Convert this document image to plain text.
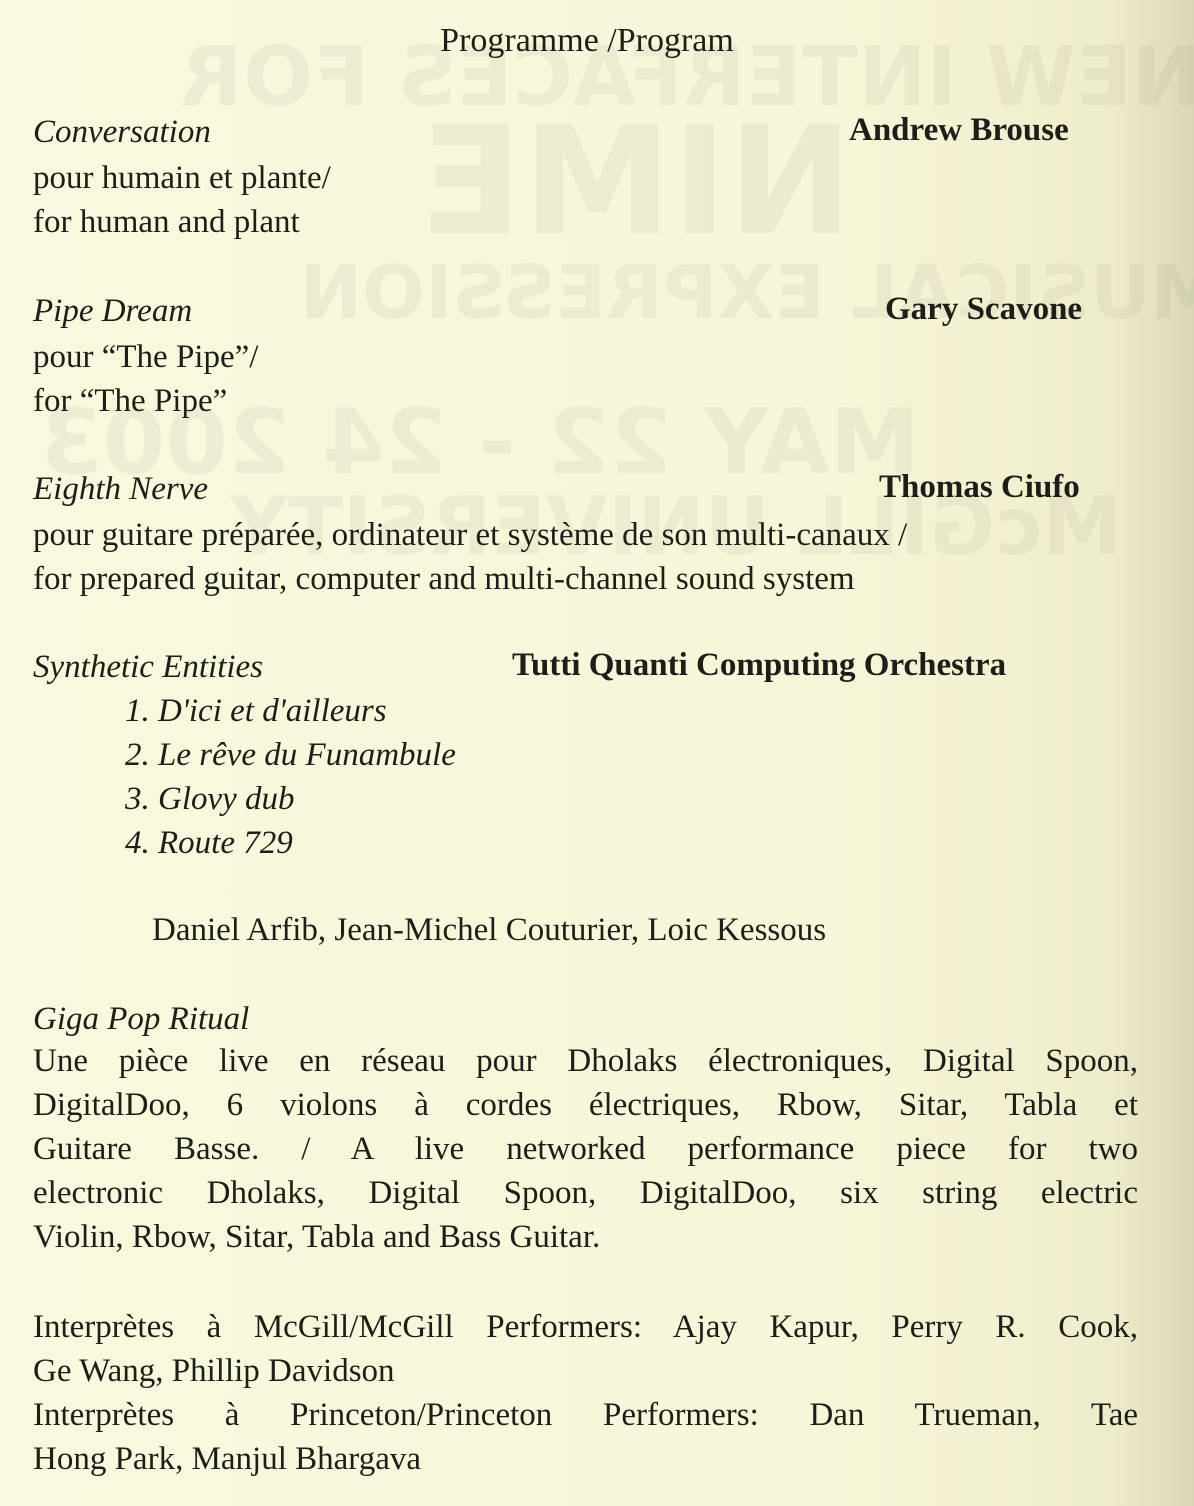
Programme /Program
Conversation	Andrew Brouse
pour humain et plante/
for human and plant
Pipe Dream	Gary Scavone
pour “The Pipe”/
for “The Pipe”
Eighth Nerve	Thomas Ciufo
pour guitare préparée, ordinateur et système de son multi-canaux /
for prepared guitar, computer and multi-channel sound system
Synthetic Entities	Tutti Quanti Computing Orchestra
1. D'ici et d'ailleurs
2. Le rêve du Funambule
3. Glovy dub
4. Route 729
Daniel Arfib, Jean-Michel Couturier, Loic Kessous
Giga Pop Ritual
Une pièce live en réseau pour Dholaks électroniques, Digital Spoon,
DigitalDoo, 6 violons à cordes électriques, Rbow, Sitar, Tabla et
Guitare Basse. / A live networked performance piece for two
electronic Dholaks, Digital Spoon, DigitalDoo, six string electric
Violin, Rbow, Sitar, Tabla and Bass Guitar.
Interprètes à McGill/McGill Performers: Ajay Kapur, Perry R. Cook,
Ge Wang, Phillip Davidson
Interprètes à Princeton/Princeton Performers: Dan Trueman, Tae
Hong Park, Manjul Bhargava
